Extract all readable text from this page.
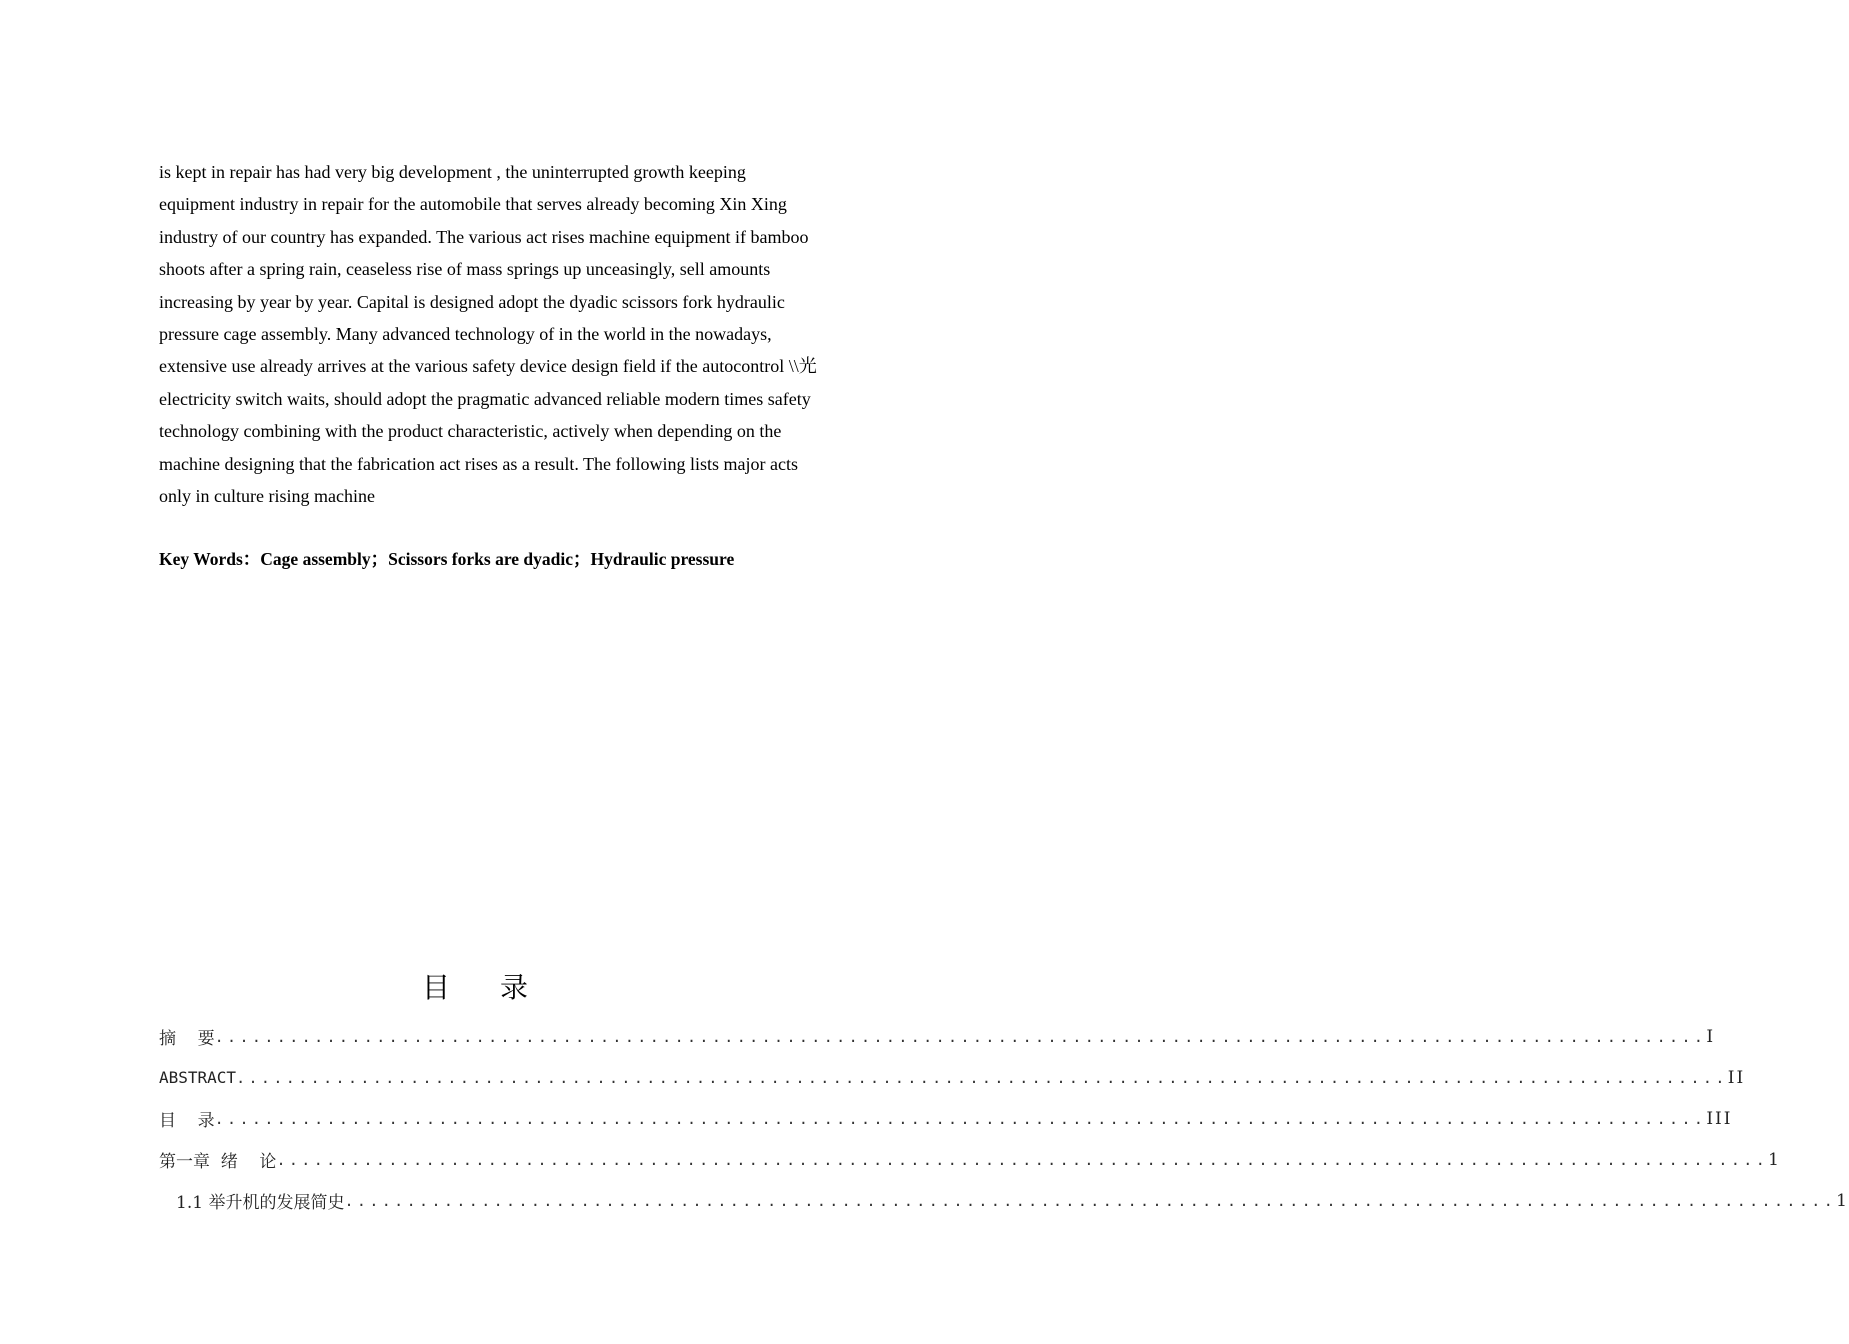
is kept in repair has had very big development , the uninterrupted growth keeping

equipment industry in repair for the automobile that serves already becoming Xin Xing

industry of our country has expanded. The various act rises machine equipment if bamboo

shoots after a spring rain, ceaseless rise of mass springs up unceasingly, sell amounts

increasing by year by year. Capital is designed adopt the dyadic scissors fork hydraulic

pressure cage assembly. Many advanced technology of in the world in the nowadays,

extensive use already arrives at the various safety device design field if the autocontrol \\光

electricity switch waits, should adopt the pragmatic advanced reliable modern times safety

technology combining with the product characteristic, actively when depending on the

machine designing that the fabrication act rises as a result. The following lists major acts

only in culture rising machine

Key Words：Cage assembly；Scissors forks are dyadic；Hydraulic pressure
目录
摘    要 ........................................................................................................................ I
ABSTRACT ........................................................................................................................ II
目    录 ........................................................................................................................ III
第一章  绪    论 ........................................................................................................................ 1
1.1 举升机的发展简史 ........................................................................................................................ 1
